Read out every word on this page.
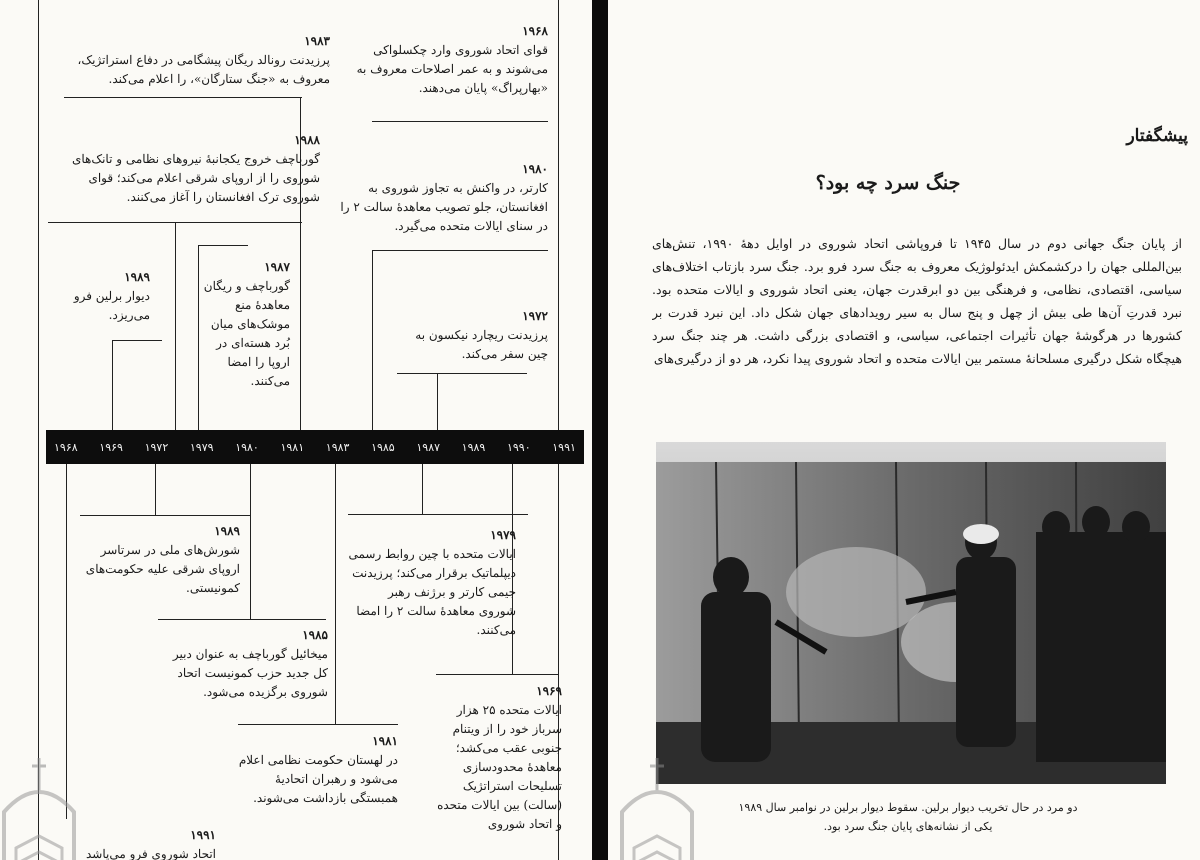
۱۹۶۸
قوای اتحاد شوروی وارد چکسلواکی می‌شوند و به عمر اصلاحات معروف به «بهارپراگ» پایان می‌دهند.
۱۹۸۳
پرزیدنت رونالد ریگان پیشگامی در دفاع استراتژیک، معروف به «جنگ ستارگان»، را اعلام می‌کند.
۱۹۸۸
گورباچف خروج یکجانبهٔ نیروهای نظامی و تانک‌های شوروی را از اروپای شرقی اعلام می‌کند؛ قوای شوروی ترک افغانستان را آغاز می‌کنند.
۱۹۸۰
کارتر، در واکنش به تجاوز شوروی به افغانستان، جلو تصویب معاهدهٔ سالت ۲ را در سنای ایالات متحده می‌گیرد.
۱۹۸۹
دیوار برلین فرو می‌ریزد.
۱۹۸۷
گورباچف و ریگان معاهدهٔ منع موشک‌های میان بُرد هسته‌ای در اروپا را امضا می‌کنند.
۱۹۷۲
پرزیدنت ریچارد نیکسون به چین سفر می‌کند.
۱۹۹۱
۱۹۹۰
۱۹۸۹
۱۹۸۷
۱۹۸۵
۱۹۸۳
۱۹۸۱
۱۹۸۰
۱۹۷۹
۱۹۷۲
۱۹۶۹
۱۹۶۸
۱۹۸۹
شورش‌های ملی در سرتاسر اروپای شرقی علیه حکومت‌های کمونیستی.
۱۹۷۹
ایالات متحده با چین روابط رسمی دیپلماتیک برقرار می‌کند؛ پرزیدنت جیمی کارتر و برژنف رهبر شوروی معاهدهٔ سالت ۲ را امضا می‌کنند.
۱۹۸۵
میخائیل گورباچف به عنوان دبیر کل جدید حزب کمونیست اتحاد شوروی برگزیده می‌شود.	۱۹۶۹
ایالات متحده ۲۵ هزار سرباز خود را از ویتنام جنوبی عقب می‌کشد؛ معاهدهٔ محدودسازی تسلیحات استراتژیک (سالت) بین ایالات متحده و اتحاد شوروی
۱۹۸۱
در لهستان حکومت نظامی اعلام می‌شود و رهبران اتحادیهٔ همبستگی بازداشت می‌شوند.
۱۹۹۱
اتحاد شوروی فرو می‌پاشد
پیشگفتار
جنگ سرد چه بود؟
از پایان جنگ جهانی دوم در سال ۱۹۴۵ تا فروپاشی اتحاد شوروی در اوایل دههٔ ۱۹۹۰، تنش‌های بین‌المللی جهان را درکشمکش ایدئولوژیک معروف به جنگ سرد فرو برد. جنگ سرد بازتاب اختلاف‌های سیاسی، اقتصادی، نظامی، و فرهنگی بین دو ابرقدرت جهان، یعنی اتحاد شوروی و ایالات متحده بود. نبرد قدرتِ آن‌ها طی بیش از چهل و پنج سال به سیر رویدادهای جهان شکل داد. این نبرد قدرت بر کشورها در هرگوشهٔ جهان تأثیرات اجتماعی، سیاسی، و اقتصادی بزرگی داشت. هر چند جنگ سرد هیچگاه شکل درگیری مسلحانهٔ مستمر بین ایالات متحده و اتحاد شوروی پیدا نکرد، هر دو از درگیری‌های
دو مرد در حال تخریب دیوار برلین. سقوط دیوار برلین در نوامبر سال ۱۹۸۹
یکی از نشانه‌های پایان جنگ سرد بود.
